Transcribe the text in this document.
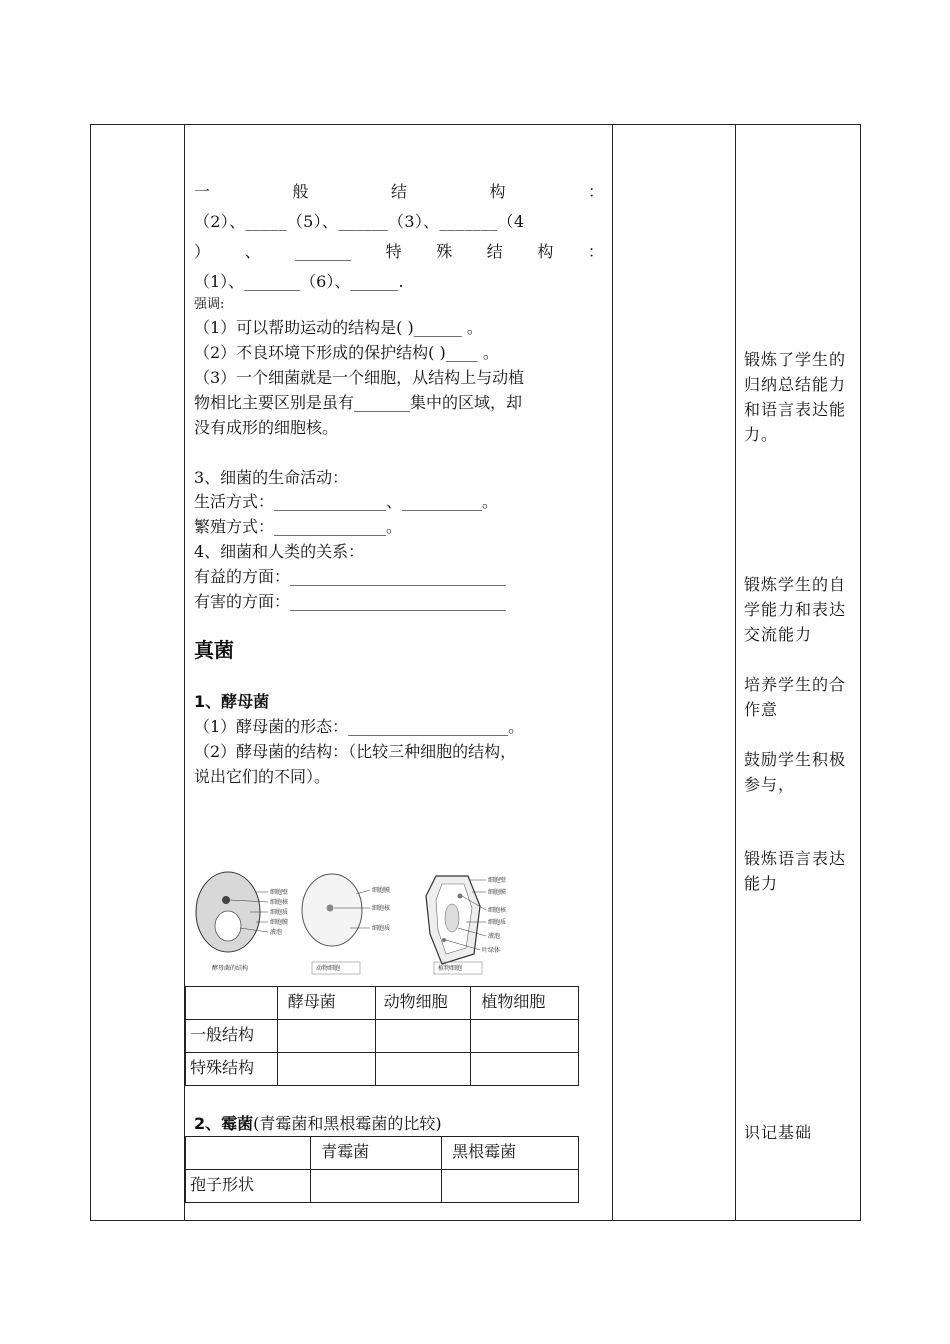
一	般	结	构	：
（2）、_____（5）、______（3）、_______（4
） 、 _______ 特 殊 结 构 ：
（1）、_______（6）、______.
强调:
（1）可以帮助运动的结构是( )______ 。
（2）不良环境下形成的保护结构( )____ 。
（3）一个细菌就是一个细胞，从结构上与动植
物相比主要区别是虽有_______集中的区域，却
没有成形的细胞核。
3、细菌的生命活动：
生活方式：______________、__________。
繁殖方式：______________。
4、细菌和人类的关系：
有益的方面：___________________________
有害的方面：___________________________
真菌
1、酵母菌
（1）酵母菌的形态：____________________。
（2）酵母菌的结构：（比较三种细胞的结构，
说出它们的不同）。
细胞壁
细胞核
细胞质
细胞膜
液泡
酵母菌的结构
细胞膜
细胞核
细胞质
动物细胞
细胞壁
细胞膜
细胞核
细胞质
液泡
叶绿体
植物细胞
	酵母菌	动物细胞	植物细胞
一般结构			
特殊结构			
2、霉菌(青霉菌和黑根霉菌的比较)
	青霉菌	黑根霉菌
孢子形状		
锻炼了学生的归纳总结能力和语言表达能力。
锻炼学生的自学能力和表达交流能力
培养学生的合作意
鼓励学生积极参与，
锻炼语言表达能力
识记基础
